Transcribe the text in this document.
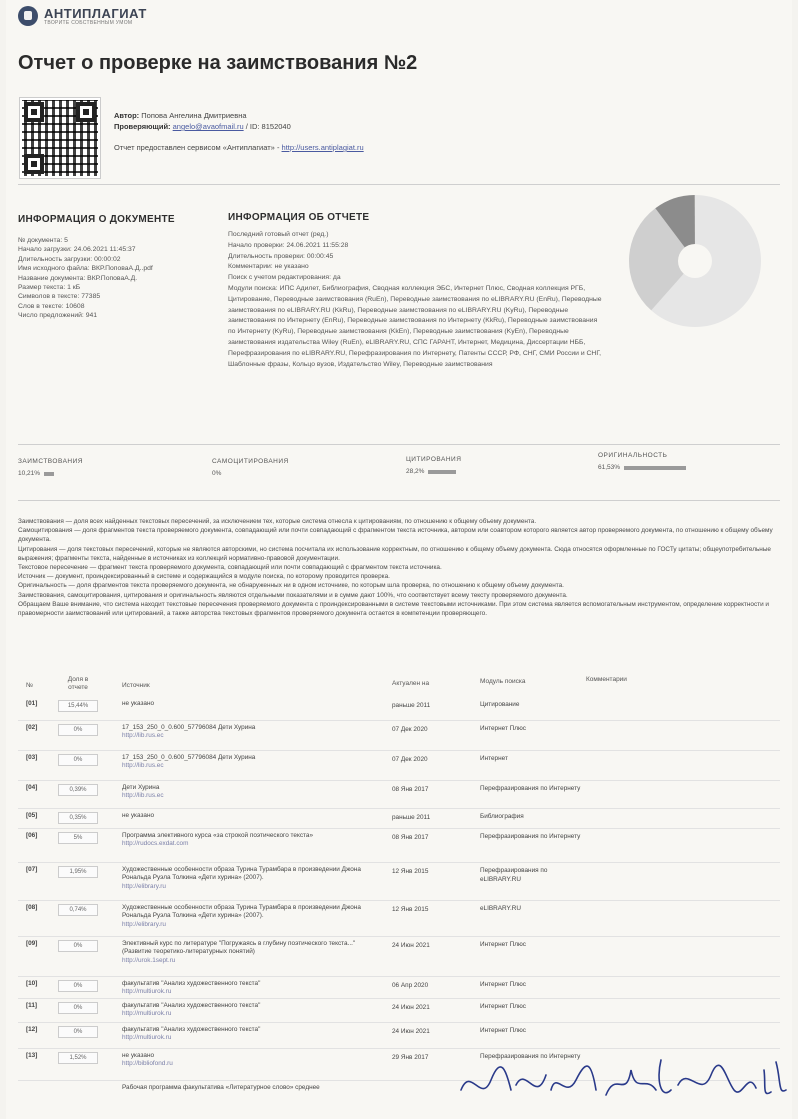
АНТИПЛАГИАТ
ТВОРИТЕ СОБСТВЕННЫМ УМОМ
Отчет о проверке на заимствования №2
Автор: Попова Ангелина Дмитриевна
Проверяющий: angelo@avaofmail.ru / ID: 8152040
Отчет предоставлен сервисом «Антиплагиат» - http://users.antiplagiat.ru
ИНФОРМАЦИЯ О ДОКУМЕНТЕ
№ документа: 5
Начало загрузки: 24.06.2021 11:45:37
Длительность загрузки: 00:00:02
Имя исходного файла: ВКР.ПоповаА.Д..pdf
Название документа: ВКР.ПоповаА.Д.
Размер текста: 1 кБ
Символов в тексте: 77385
Слов в тексте: 10608
Число предложений: 941
ИНФОРМАЦИЯ ОБ ОТЧЕТЕ
Последний готовый отчет (ред.)
Начало проверки: 24.06.2021 11:55:28
Длительность проверки: 00:00:45
Комментарии: не указано
Поиск с учетом редактирования: да
Модули поиска: ИПС Адилет, Библиография, Сводная коллекция ЭБС, Интернет Плюс, Сводная коллекция РГБ, Цитирование, Переводные заимствования (RuEn), Переводные заимствования по eLIBRARY.RU (EnRu), Переводные заимствования по eLIBRARY.RU (KkRu), Переводные заимствования по eLIBRARY.RU (KyRu), Переводные заимствования по Интернету (EnRu), Переводные заимствования по Интернету (KkRu), Переводные заимствования по Интернету (KyRu), Переводные заимствования (KkEn), Переводные заимствования (KyEn), Переводные заимствования издательства Wiley (RuEn), eLIBRARY.RU, СПС ГАРАНТ, Интернет, Медицина, Диссертации НББ, Перефразирования по eLIBRARY.RU, Перефразирования по Интернету, Патенты СССР, РФ, СНГ, СМИ России и СНГ, Шаблонные фразы, Кольцо вузов, Издательство Wiley, Переводные заимствования
ЗАИМСТВОВАНИЯ
10,21%
САМОЦИТИРОВАНИЯ
0%
ЦИТИРОВАНИЯ
28,2%
ОРИГИНАЛЬНОСТЬ
61,53%
Заимствования — доля всех найденных текстовых пересечений, за исключением тех, которые система отнесла к цитированиям, по отношению к общему объему документа.
Самоцитирования — доля фрагментов текста проверяемого документа, совпадающий или почти совпадающий с фрагментом текста источника, автором или соавтором которого является автор проверяемого документа, по отношению к общему объему документа.
Цитирования — доля текстовых пересечений, которые не являются авторскими, но система посчитала их использование корректным, по отношению к общему объему документа. Сюда относятся оформленные по ГОСТу цитаты; общеупотребительные выражения; фрагменты текста, найденные в источниках из коллекций нормативно-правовой документации.
Текстовое пересечение — фрагмент текста проверяемого документа, совпадающий или почти совпадающий с фрагментом текста источника.
Источник — документ, проиндексированный в системе и содержащийся в модуле поиска, по которому проводится проверка.
Оригинальность — доля фрагментов текста проверяемого документа, не обнаруженных ни в одном источнике, по которым шла проверка, по отношению к общему объему документа.
Заимствования, самоцитирования, цитирования и оригинальность являются отдельными показателями и в сумме дают 100%, что соответствует всему тексту проверяемого документа.
Обращаем Ваше внимание, что система находит текстовые пересечения проверяемого документа с проиндексированными в системе текстовыми источниками. При этом система является вспомогательным инструментом, определение корректности и правомерности заимствований или цитирований, а также авторства текстовых фрагментов проверяемого документа остается в компетенции проверяющего.
№
Доля в отчете	Источник	Актуален на	Модуль поиска	Комментарии
[01]	15,44%	не указано	раньше 2011	Цитирование
[02]	0%	17_153_250_0_0.600_57796084 Дети Хурина
http://lib.rus.ec
07 Дек 2020	Интернет Плюс
[03]	0%	17_153_250_0_0.600_57796084 Дети Хурина
http://lib.rus.ec
07 Дек 2020	Интернет
[04]	0,39%	Дети Хурина
http://lib.rus.ec
08 Янв 2017	Перефразирования по Интернету
[05]	0,35%	не указано	раньше 2011	Библиография
[06]	5%	Программа элективного курса «за строкой поэтического текста»
http://rudocs.exdat.com
08 Янв 2017	Перефразирования по Интернету
[07]	1,95%	Художественные особенности образа Турина Турамбара в произведении Джона Рональда Руэла Толкина «Дети хурина» (2007).
http://elibrary.ru
12 Янв 2015	Перефразирования по eLIBRARY.RU
[08]	0,74%	Художественные особенности образа Турина Турамбара в произведении Джона Рональда Руэла Толкина «Дети хурина» (2007).
http://elibrary.ru
12 Янв 2015	eLIBRARY.RU
[09]	0%	Элективный курс по литературе "Погружаясь в глубину поэтического текста..." (Развитие теоретико-литературных понятий)
http://urok.1sept.ru
24 Июн 2021	Интернет Плюс
[10]	0%	факультатив "Анализ художественного текста"
http://multiurok.ru
06 Апр 2020	Интернет Плюс
[11]	0%	факультатив "Анализ художественного текста"
http://multiurok.ru
24 Июн 2021	Интернет Плюс
[12]	0%	факультатив "Анализ художественного текста"
http://multiurok.ru
24 Июн 2021	Интернет Плюс
[13]	1,52%	не указано
http://bibliofond.ru
29 Янв 2017	Перефразирования по Интернету
Рабочая программа факультатива «Литературное слово» среднее
